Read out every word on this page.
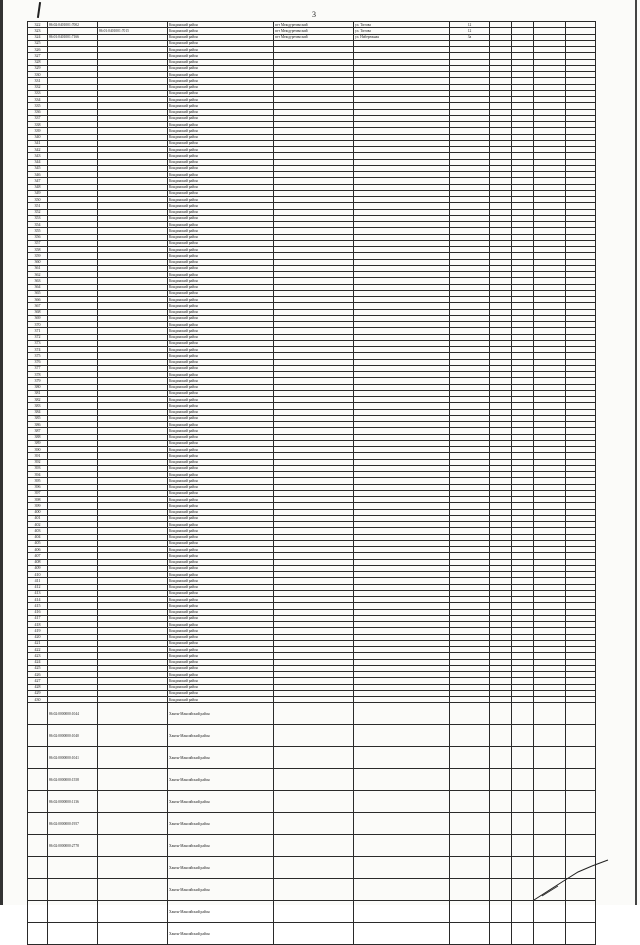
3
322	86:02:0401001:7002		Кондинский район	пгт Междуреченский	ул. Титова	12				
323		86:01:0401001:7015	Кондинский район	пгт Междуреченский	ул. Титова	12				
324	86:01:0401001:7166		Кондинский район	пгт Междуреченский	ул. Набережная	3а				
325			Кондинский район							
326			Кондинский район							
327			Кондинский район							
328			Кондинский район							
329			Кондинский район							
330			Кондинский район							
331			Кондинский район							
332			Кондинский район							
333			Кондинский район							
334			Кондинский район							
335			Кондинский район							
336			Кондинский район							
337			Кондинский район							
338			Кондинский район							
339			Кондинский район							
340			Кондинский район							
341			Кондинский район							
342			Кондинский район							
343			Кондинский район							
344			Кондинский район							
345			Кондинский район							
346			Кондинский район							
347			Кондинский район							
348			Кондинский район							
349			Кондинский район							
350			Кондинский район							
351			Кондинский район							
352			Кондинский район							
353			Кондинский район							
354			Кондинский район							
355			Кондинский район							
356			Кондинский район							
357			Кондинский район							
358			Кондинский район							
359			Кондинский район							
360			Кондинский район							
361			Кондинский район							
362			Кондинский район							
363			Кондинский район							
364			Кондинский район							
365			Кондинский район							
366			Кондинский район							
367			Кондинский район							
368			Кондинский район							
369			Кондинский район							
370			Кондинский район							
371			Кондинский район							
372			Кондинский район							
373			Кондинский район							
374			Кондинский район							
375			Кондинский район							
376			Кондинский район							
377			Кондинский район							
378			Кондинский район							
379			Кондинский район							
380			Кондинский район							
381			Кондинский район							
382			Кондинский район							
383			Кондинский район							
384			Кондинский район							
385			Кондинский район							
386			Кондинский район							
387			Кондинский район							
388			Кондинский район							
389			Кондинский район							
390			Кондинский район							
391			Кондинский район							
392			Кондинский район							
393			Кондинский район							
394			Кондинский район							
395			Кондинский район							
396			Кондинский район							
397			Кондинский район							
398			Кондинский район							
399			Кондинский район							
400			Кондинский район							
401			Кондинский район							
402			Кондинский район							
403			Кондинский район							
404			Кондинский район							
405			Кондинский район							
406			Кондинский район							
407			Кондинский район							
408			Кондинский район							
409			Кондинский район							
410			Кондинский район							
411			Кондинский район							
412			Кондинский район							
413			Кондинский район							
414			Кондинский район							
415			Кондинский район							
416			Кондинский район							
417			Кондинский район							
418			Кондинский район							
419			Кондинский район							
420			Кондинский район							
421			Кондинский район							
422			Кондинский район							
423			Кондинский район							
424			Кондинский район							
425			Кондинский район							
426			Кондинский район							
427			Кондинский район							
428			Кондинский район							
429			Кондинский район							
430			Кондинский район							
	86:02:0000000:1044		Ханты-Мансийский район							
	86:02:0000000:1040		Ханты-Мансийский район							
	86:02:0000000:1041		Ханты-Мансийский район							
	86:02:0000000:1558		Ханты-Мансийский район							
	86:02:0000000:1136		Ханты-Мансийский район							
	86:02:0000000:1957		Ханты-Мансийский район							
	86:02:0000000:2778		Ханты-Мансийский район							
			Ханты-Мансийский район							
			Ханты-Мансийский район							
			Ханты-Мансийский район							
			Ханты-Мансийский район							
